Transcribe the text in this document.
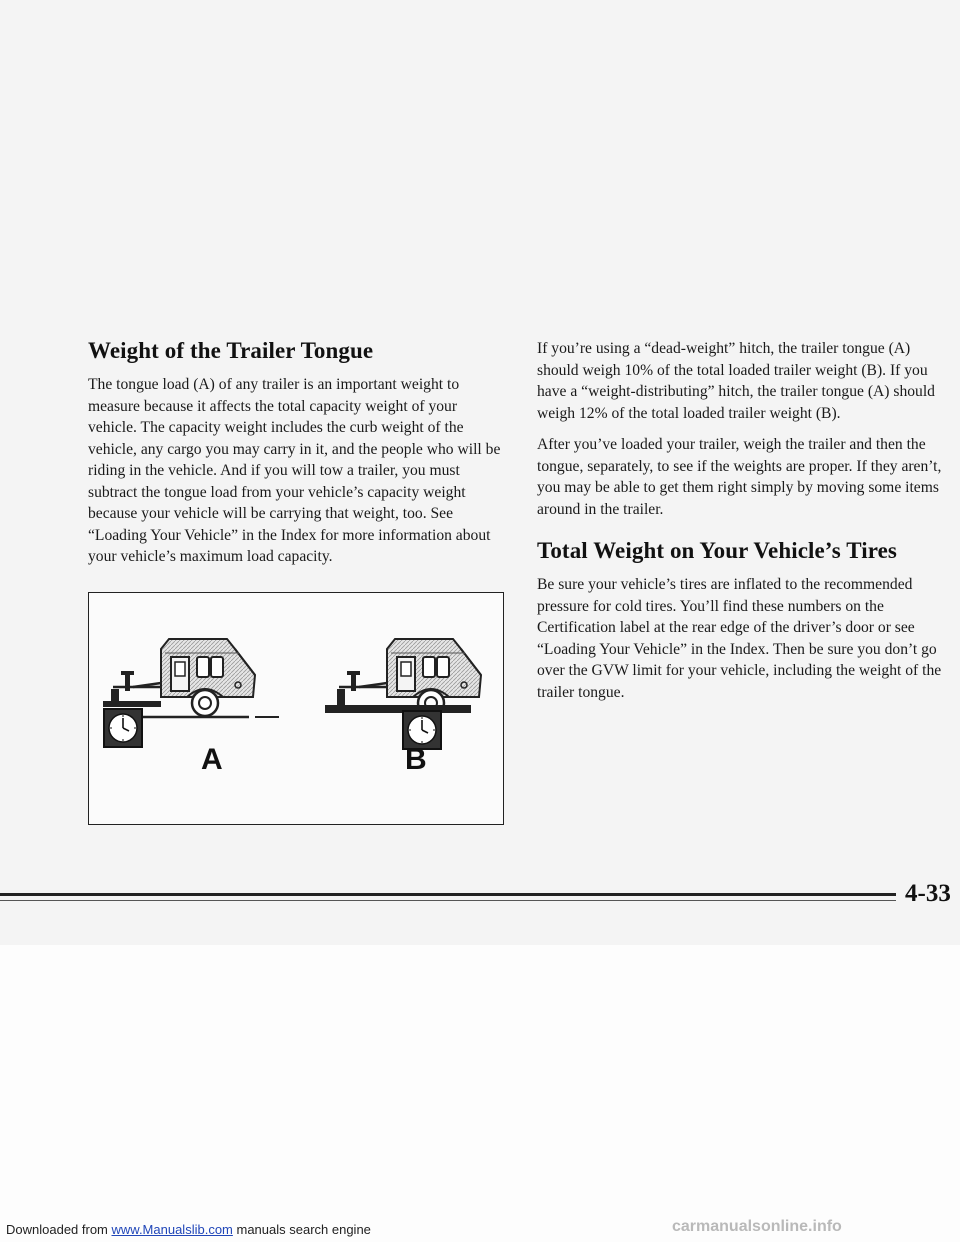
Weight of the Trailer Tongue

The tongue load (A) of any trailer is an important weight to measure because it affects the total capacity weight of your vehicle. The capacity weight includes the curb weight of the vehicle, any cargo you may carry in it, and the people who will be riding in the vehicle. And if you will tow a trailer, you must subtract the tongue load from your vehicle’s capacity weight because your vehicle will be carrying that weight, too. See “Loading Your Vehicle” in the Index for more information about your vehicle’s maximum load capacity.

A	B

If you’re using a “dead-weight” hitch, the trailer tongue (A) should weigh 10% of the total loaded trailer weight (B). If you have a “weight-distributing” hitch, the trailer tongue (A) should weigh 12% of the total loaded trailer weight (B).

After you’ve loaded your trailer, weigh the trailer and then the tongue, separately, to see if the weights are proper. If they aren’t, you may be able to get them right simply by moving some items around in the trailer.

Total Weight on Your Vehicle’s Tires

Be sure your vehicle’s tires are inflated to the recommended pressure for cold tires. You’ll find these numbers on the Certification label at the rear edge of the driver’s door or see “Loading Your Vehicle” in the Index. Then be sure you don’t go over the GVW limit for your vehicle, including the weight of the trailer tongue.

4-33
Downloaded from www.Manualslib.com manuals search engine	carmanualsonline.info
